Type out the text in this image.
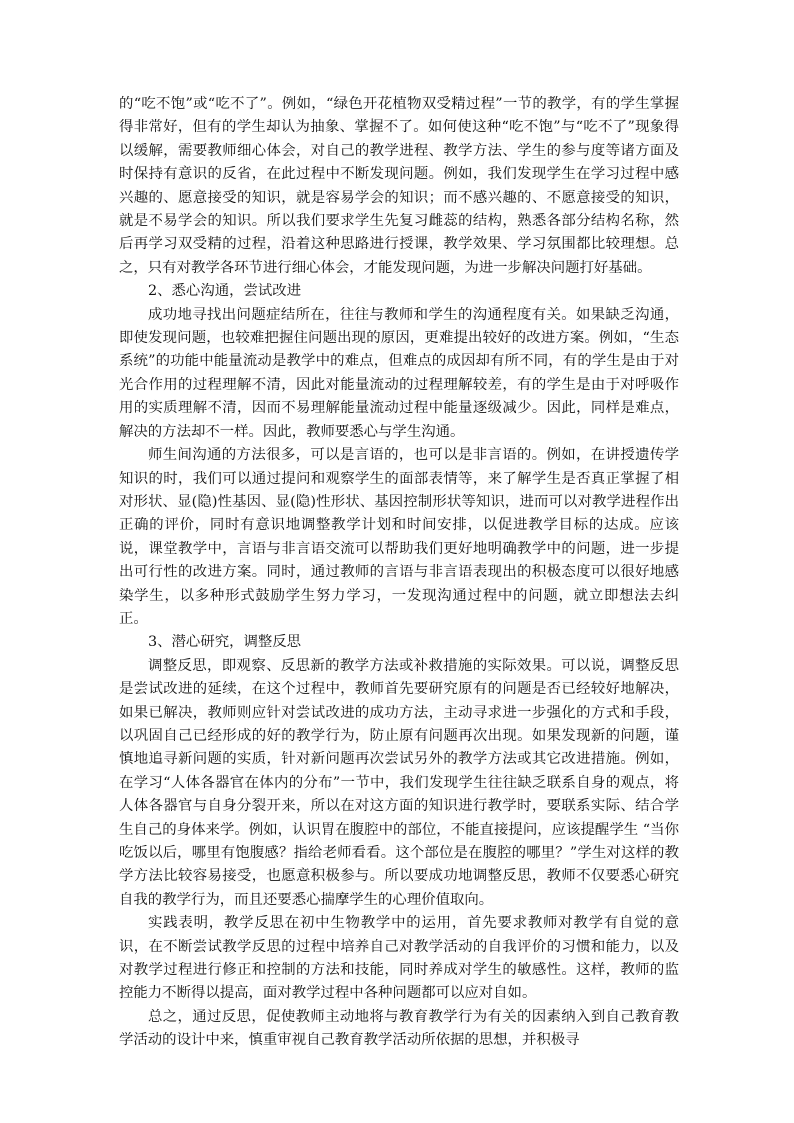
的“吃不饱”或“吃不了”。例如，“绿色开花植物双受精过程”一节的教学，有的学生掌握得非常好，但有的学生却认为抽象、掌握不了。如何使这种“吃不饱”与“吃不了”现象得以缓解，需要教师细心体会，对自己的教学进程、教学方法、学生的参与度等诸方面及时保持有意识的反省，在此过程中不断发现问题。例如，我们发现学生在学习过程中感兴趣的、愿意接受的知识，就是容易学会的知识；而不感兴趣的、不愿意接受的知识，就是不易学会的知识。所以我们要求学生先复习雌蕊的结构，熟悉各部分结构名称，然后再学习双受精的过程，沿着这种思路进行授课，教学效果、学习氛围都比较理想。总之，只有对教学各环节进行细心体会，才能发现问题，为进一步解决问题打好基础。

2、悉心沟通，尝试改进

成功地寻找出问题症结所在，往往与教师和学生的沟通程度有关。如果缺乏沟通，即使发现问题，也较难把握住问题出现的原因，更难提出较好的改进方案。例如，“生态系统”的功能中能量流动是教学中的难点，但难点的成因却有所不同，有的学生是由于对光合作用的过程理解不清，因此对能量流动的过程理解较差，有的学生是由于对呼吸作用的实质理解不清，因而不易理解能量流动过程中能量逐级减少。因此，同样是难点，解决的方法却不一样。因此，教师要悉心与学生沟通。

师生间沟通的方法很多，可以是言语的，也可以是非言语的。例如，在讲授遗传学知识的时，我们可以通过提问和观察学生的面部表情等，来了解学生是否真正掌握了相对形状、显(隐)性基因、显(隐)性形状、基因控制形状等知识，进而可以对教学进程作出正确的评价，同时有意识地调整教学计划和时间安排，以促进教学目标的达成。应该说，课堂教学中，言语与非言语交流可以帮助我们更好地明确教学中的问题，进一步提出可行性的改进方案。同时，通过教师的言语与非言语表现出的积极态度可以很好地感染学生，以多种形式鼓励学生努力学习，一发现沟通过程中的问题，就立即想法去纠正。

3、潜心研究，调整反思

调整反思，即观察、反思新的教学方法或补救措施的实际效果。可以说，调整反思是尝试改进的延续，在这个过程中，教师首先要研究原有的问题是否已经较好地解决，如果已解决，教师则应针对尝试改进的成功方法，主动寻求进一步强化的方式和手段，以巩固自己已经形成的好的教学行为，防止原有问题再次出现。如果发现新的问题，谨慎地追寻新问题的实质，针对新问题再次尝试另外的教学方法或其它改进措施。例如，在学习“人体各器官在体内的分布”一节中，我们发现学生往往缺乏联系自身的观点，将人体各器官与自身分裂开来，所以在对这方面的知识进行教学时，要联系实际、结合学生自己的身体来学。例如，认识胃在腹腔中的部位，不能直接提问，应该提醒学生 “当你吃饭以后，哪里有饱腹感？指给老师看看。这个部位是在腹腔的哪里？”学生对这样的教学方法比较容易接受，也愿意积极参与。所以要成功地调整反思，教师不仅要悉心研究自我的教学行为，而且还要悉心揣摩学生的心理价值取向。

实践表明，教学反思在初中生物教学中的运用，首先要求教师对教学有自觉的意识，在不断尝试教学反思的过程中培养自己对教学活动的自我评价的习惯和能力，以及对教学过程进行修正和控制的方法和技能，同时养成对学生的敏感性。这样，教师的监控能力不断得以提高，面对教学过程中各种问题都可以应对自如。

总之，通过反思，促使教师主动地将与教育教学行为有关的因素纳入到自己教育教学活动的设计中来，慎重审视自己教育教学活动所依据的思想，并积极寻
